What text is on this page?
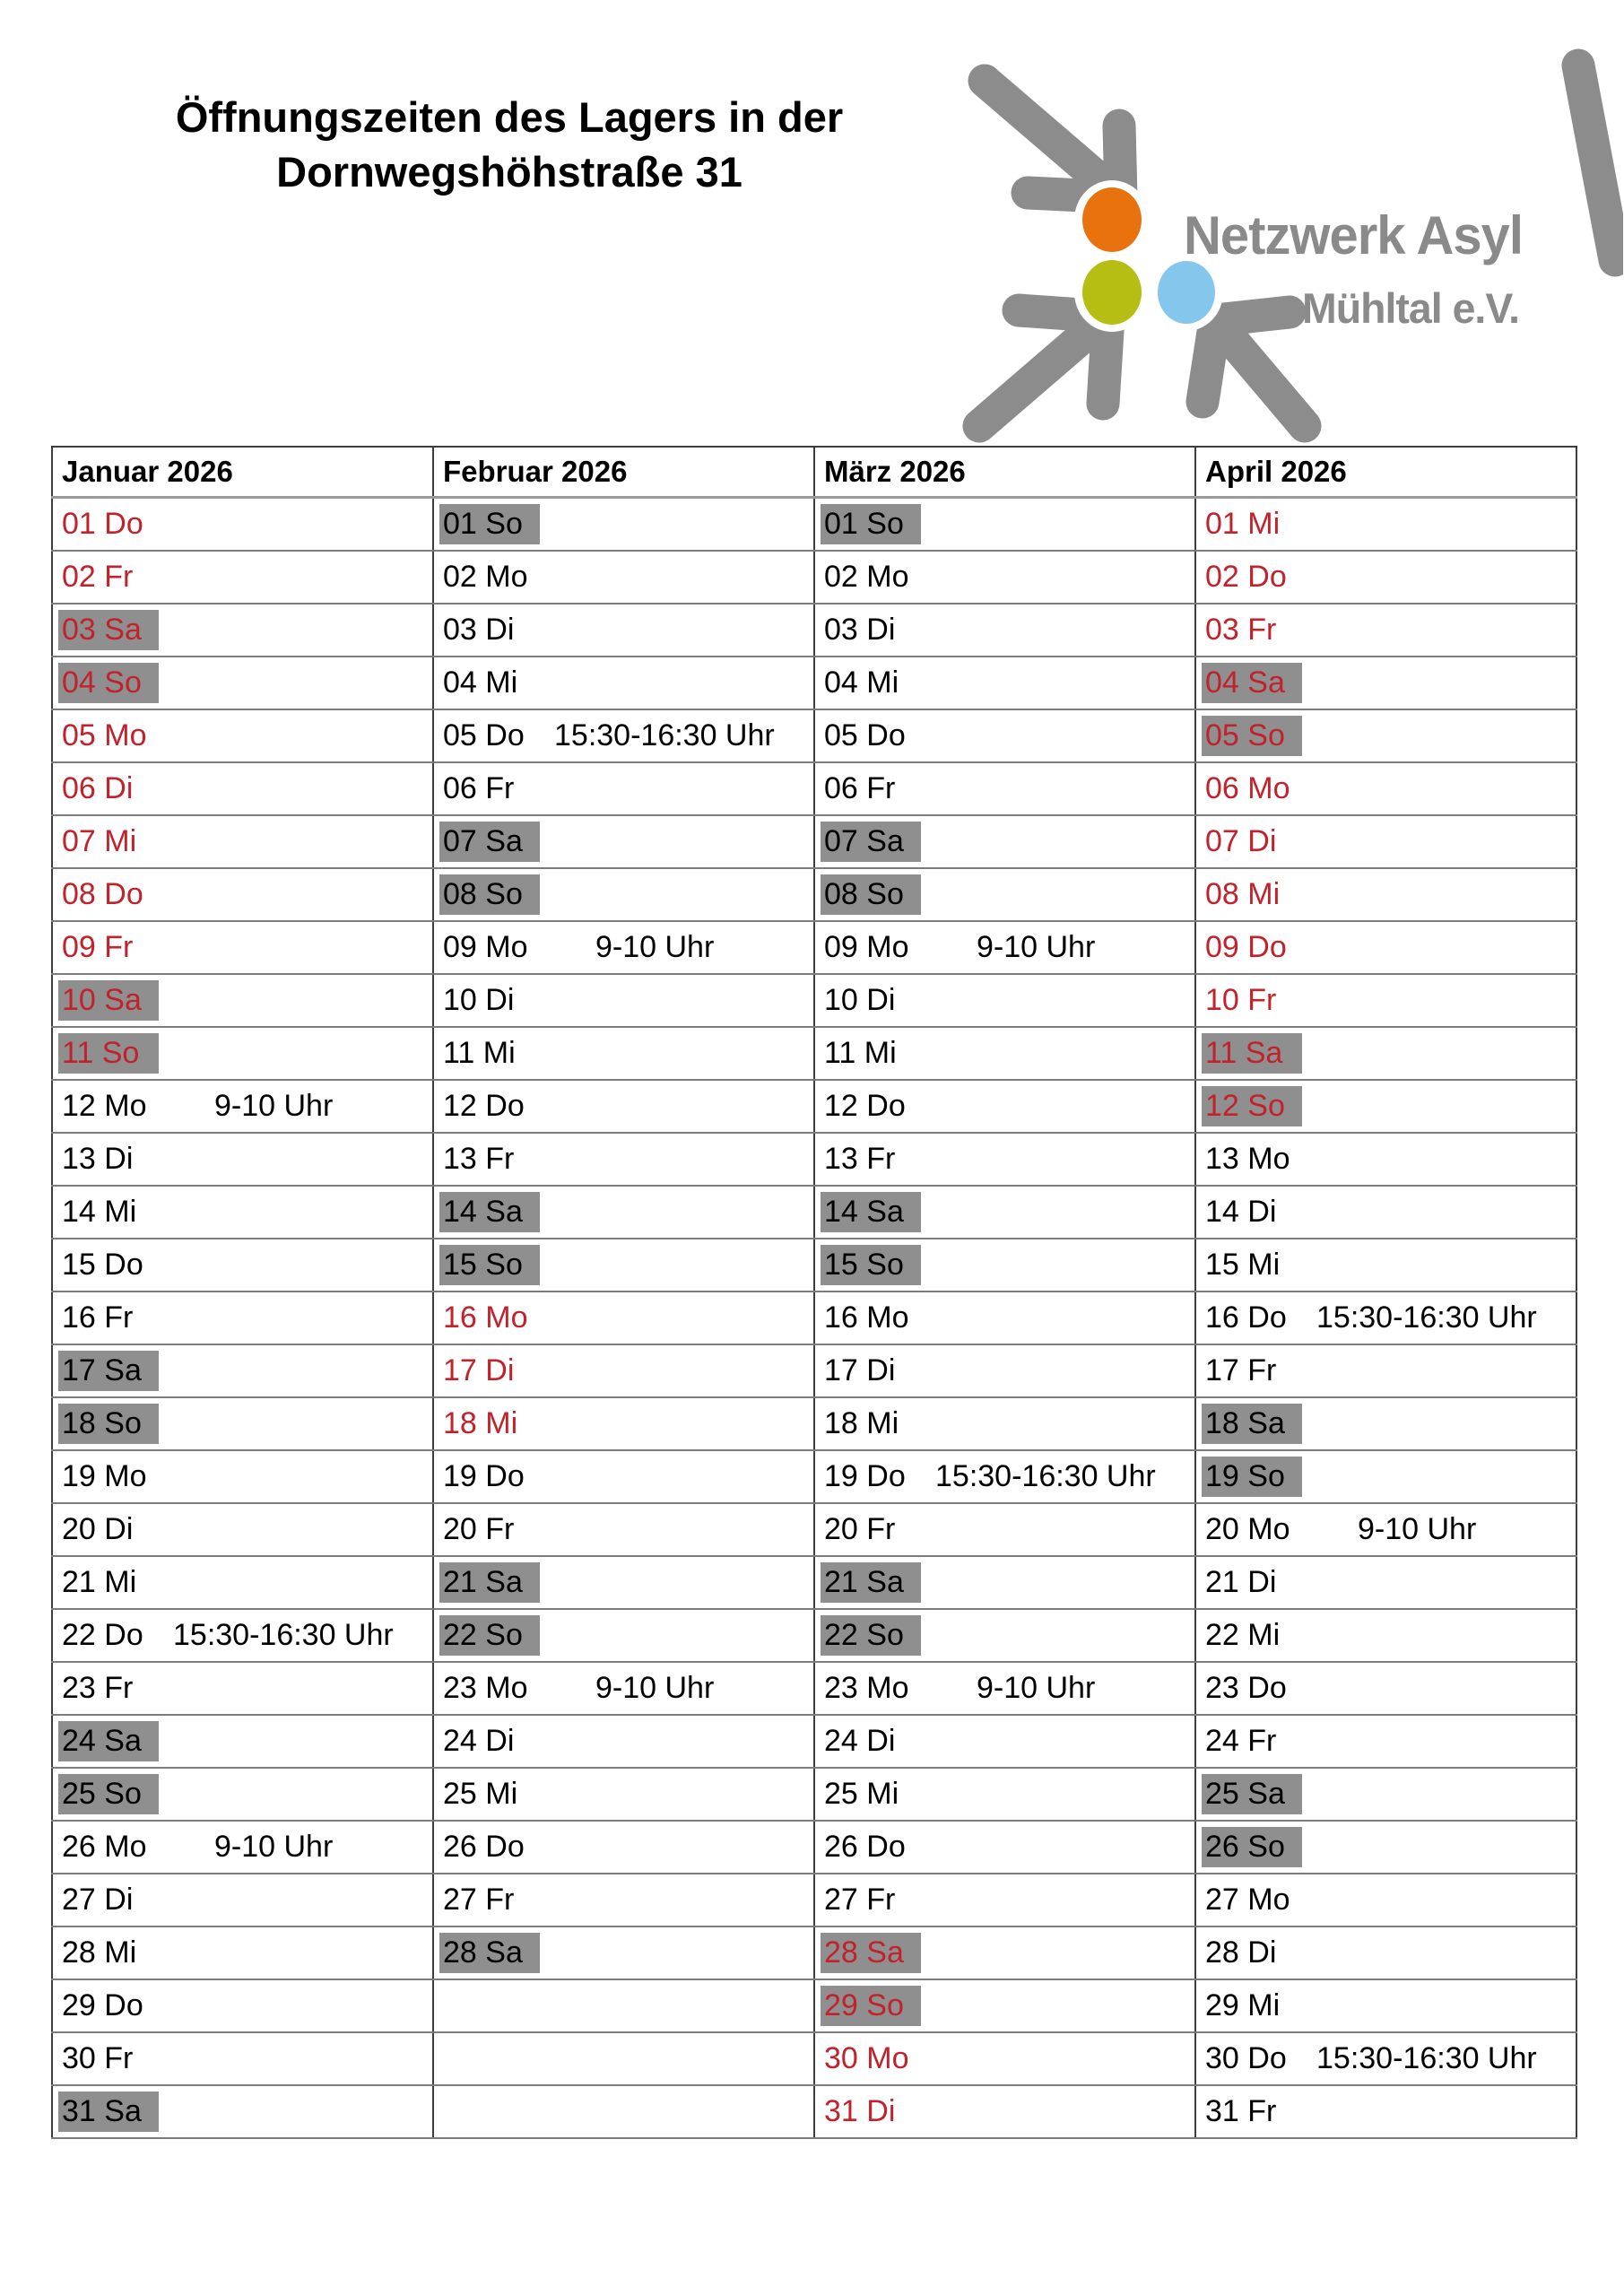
Öffnungszeiten des Lagers in der
Dornwegshöhstraße 31
Netzwerk Asyl
Mühltal e.V.
Januar 2026	Februar 2026	März 2026	April 2026
01 Do	01 So	01 So	01 Mi
02 Fr	02 Mo	02 Mo	02 Do
03 Sa	03 Di	03 Di	03 Fr
04 So	04 Mi	04 Mi	04 Sa
05 Mo	05 Do 15:30-16:30 Uhr	05 Do	05 So
06 Di	06 Fr	06 Fr	06 Mo
07 Mi	07 Sa	07 Sa	07 Di
08 Do	08 So	08 So	08 Mi
09 Fr	09 Mo 9-10 Uhr	09 Mo 9-10 Uhr	09 Do
10 Sa	10 Di	10 Di	10 Fr
11 So	11 Mi	11 Mi	11 Sa
12 Mo 9-10 Uhr	12 Do	12 Do	12 So
13 Di	13 Fr	13 Fr	13 Mo
14 Mi	14 Sa	14 Sa	14 Di
15 Do	15 So	15 So	15 Mi
16 Fr	16 Mo	16 Mo	16 Do 15:30-16:30 Uhr
17 Sa	17 Di	17 Di	17 Fr
18 So	18 Mi	18 Mi	18 Sa
19 Mo	19 Do	19 Do 15:30-16:30 Uhr	19 So
20 Di	20 Fr	20 Fr	20 Mo 9-10 Uhr
21 Mi	21 Sa	21 Sa	21 Di
22 Do 15:30-16:30 Uhr	22 So	22 So	22 Mi
23 Fr	23 Mo 9-10 Uhr	23 Mo 9-10 Uhr	23 Do
24 Sa	24 Di	24 Di	24 Fr
25 So	25 Mi	25 Mi	25 Sa
26 Mo 9-10 Uhr	26 Do	26 Do	26 So
27 Di	27 Fr	27 Fr	27 Mo
28 Mi	28 Sa	28 Sa	28 Di
29 Do		29 So	29 Mi
30 Fr		30 Mo	30 Do 15:30-16:30 Uhr
31 Sa		31 Di	31 Fr
